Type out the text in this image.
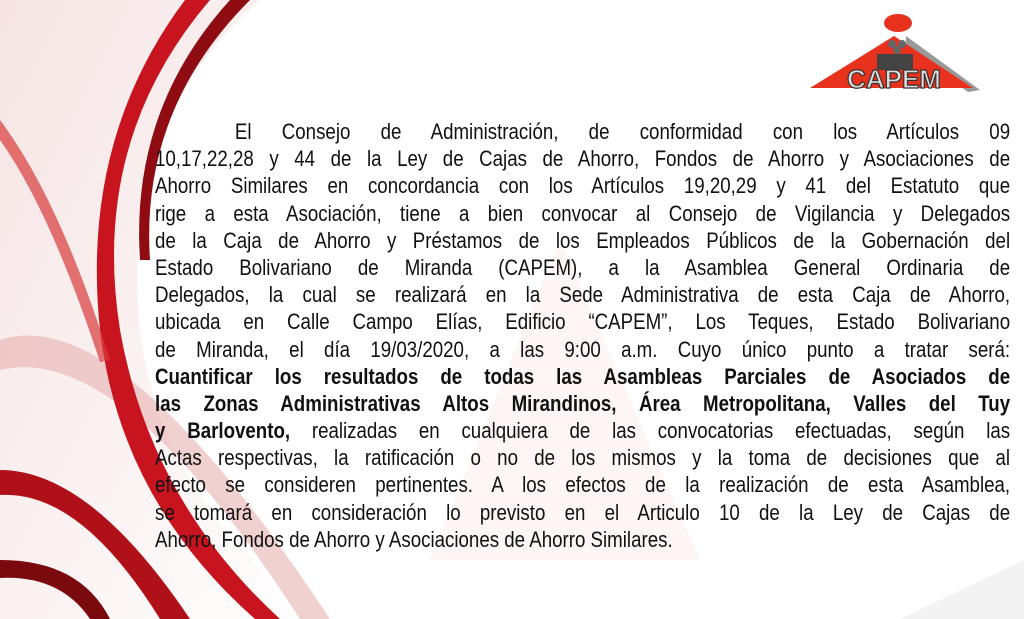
CAPEM
El Consejo de Administración, de conformidad con los Artículos 09
10,17,22,28 y 44 de la Ley de Cajas de Ahorro, Fondos de Ahorro y Asociaciones de
Ahorro Similares en concordancia con los Artículos 19,20,29 y 41 del Estatuto que
rige a esta Asociación, tiene a bien convocar al Consejo de Vigilancia y Delegados
de la Caja de Ahorro y Préstamos de los Empleados Públicos de la Gobernación del
Estado Bolivariano de Miranda (CAPEM), a la Asamblea General Ordinaria de
Delegados, la cual se realizará en la Sede Administrativa de esta Caja de Ahorro,
ubicada en Calle Campo Elías, Edificio “CAPEM”, Los Teques, Estado Bolivariano
de Miranda, el día 19/03/2020, a las 9:00 a.m. Cuyo único punto a tratar será:
Cuantificar los resultados de todas las Asambleas Parciales de Asociados de
las Zonas Administrativas Altos Mirandinos, Área Metropolitana, Valles del Tuy
y Barlovento, realizadas en cualquiera de las convocatorias efectuadas, según las
Actas respectivas, la ratificación o no de los mismos y la toma de decisiones que al
efecto se consideren pertinentes. A los efectos de la realización de esta Asamblea,
se tomará en consideración lo previsto en el Articulo 10 de la Ley de Cajas de
Ahorro, Fondos de Ahorro y Asociaciones de Ahorro Similares.
